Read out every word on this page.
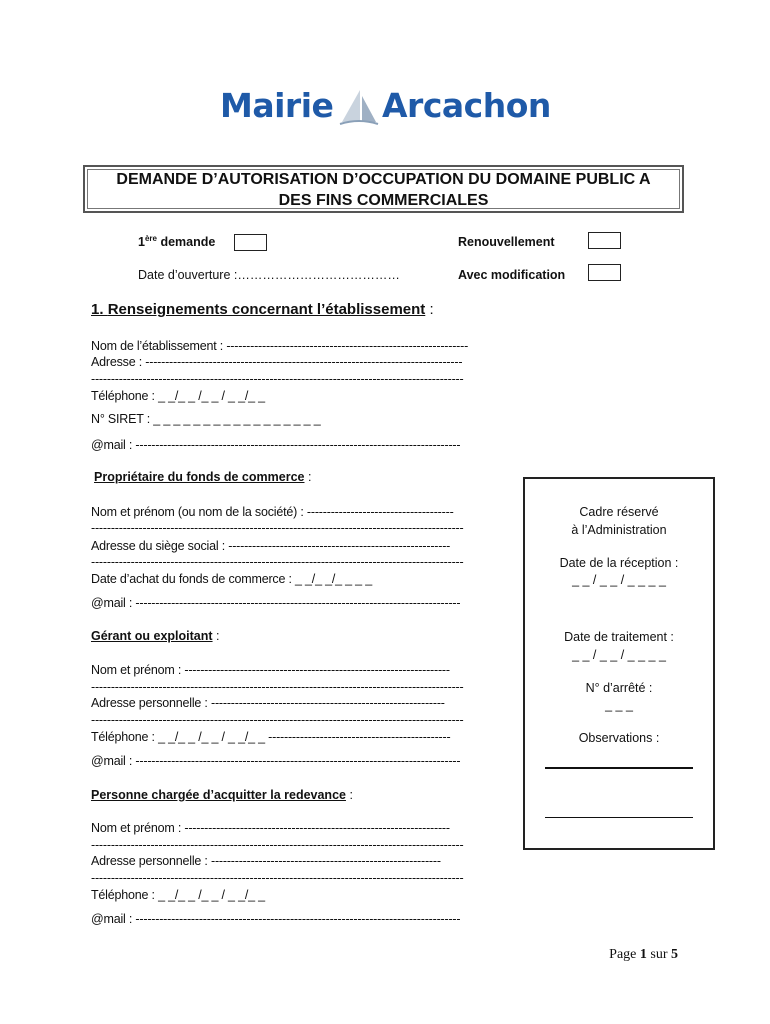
Mairie Arcachon
DEMANDE D’AUTORISATION D’OCCUPATION DU DOMAINE PUBLIC A
DES FINS COMMERCIALES
1ère demande	Renouvellement
Date d’ouverture :…………………………………	Avec modification
1. Renseignements concernant l’établissement :
Nom de l’établissement : -------------------------------------------------------------
Adresse : --------------------------------------------------------------------------------
----------------------------------------------------------------------------------------------
Téléphone : _ _/_ _ /_ _ / _ _/_ _
N° SIRET : _ _ _ _ _ _ _ _ _ _ _ _ _ _ _ _ _
@mail : ----------------------------------------------------------------------------------
Propriétaire du fonds de commerce :
Nom et prénom (ou nom de la société) : -------------------------------------
----------------------------------------------------------------------------------------------
Adresse du siège social : --------------------------------------------------------
----------------------------------------------------------------------------------------------
Date d’achat du fonds de commerce : _ _/_ _/_ _ _ _
@mail : ----------------------------------------------------------------------------------
Gérant ou exploitant :
Nom et prénom : -------------------------------------------------------------------
----------------------------------------------------------------------------------------------
Adresse personnelle : -----------------------------------------------------------
----------------------------------------------------------------------------------------------
Téléphone : _ _/_ _ /_ _ / _ _/_ _ ----------------------------------------------
@mail : ----------------------------------------------------------------------------------
Personne chargée d’acquitter la redevance :
Nom et prénom : -------------------------------------------------------------------
----------------------------------------------------------------------------------------------
Adresse personnelle : ----------------------------------------------------------
----------------------------------------------------------------------------------------------
Téléphone : _ _/_ _ /_ _ / _ _/_ _
@mail : ----------------------------------------------------------------------------------
Cadre réservé
à l’Administration
Date de la réception :
_ _ / _ _ / _ _ _ _
Date de traitement :
_ _ / _ _ / _ _ _ _
N° d’arrêté :
_ _ _
Observations :
Page 1 sur 5
